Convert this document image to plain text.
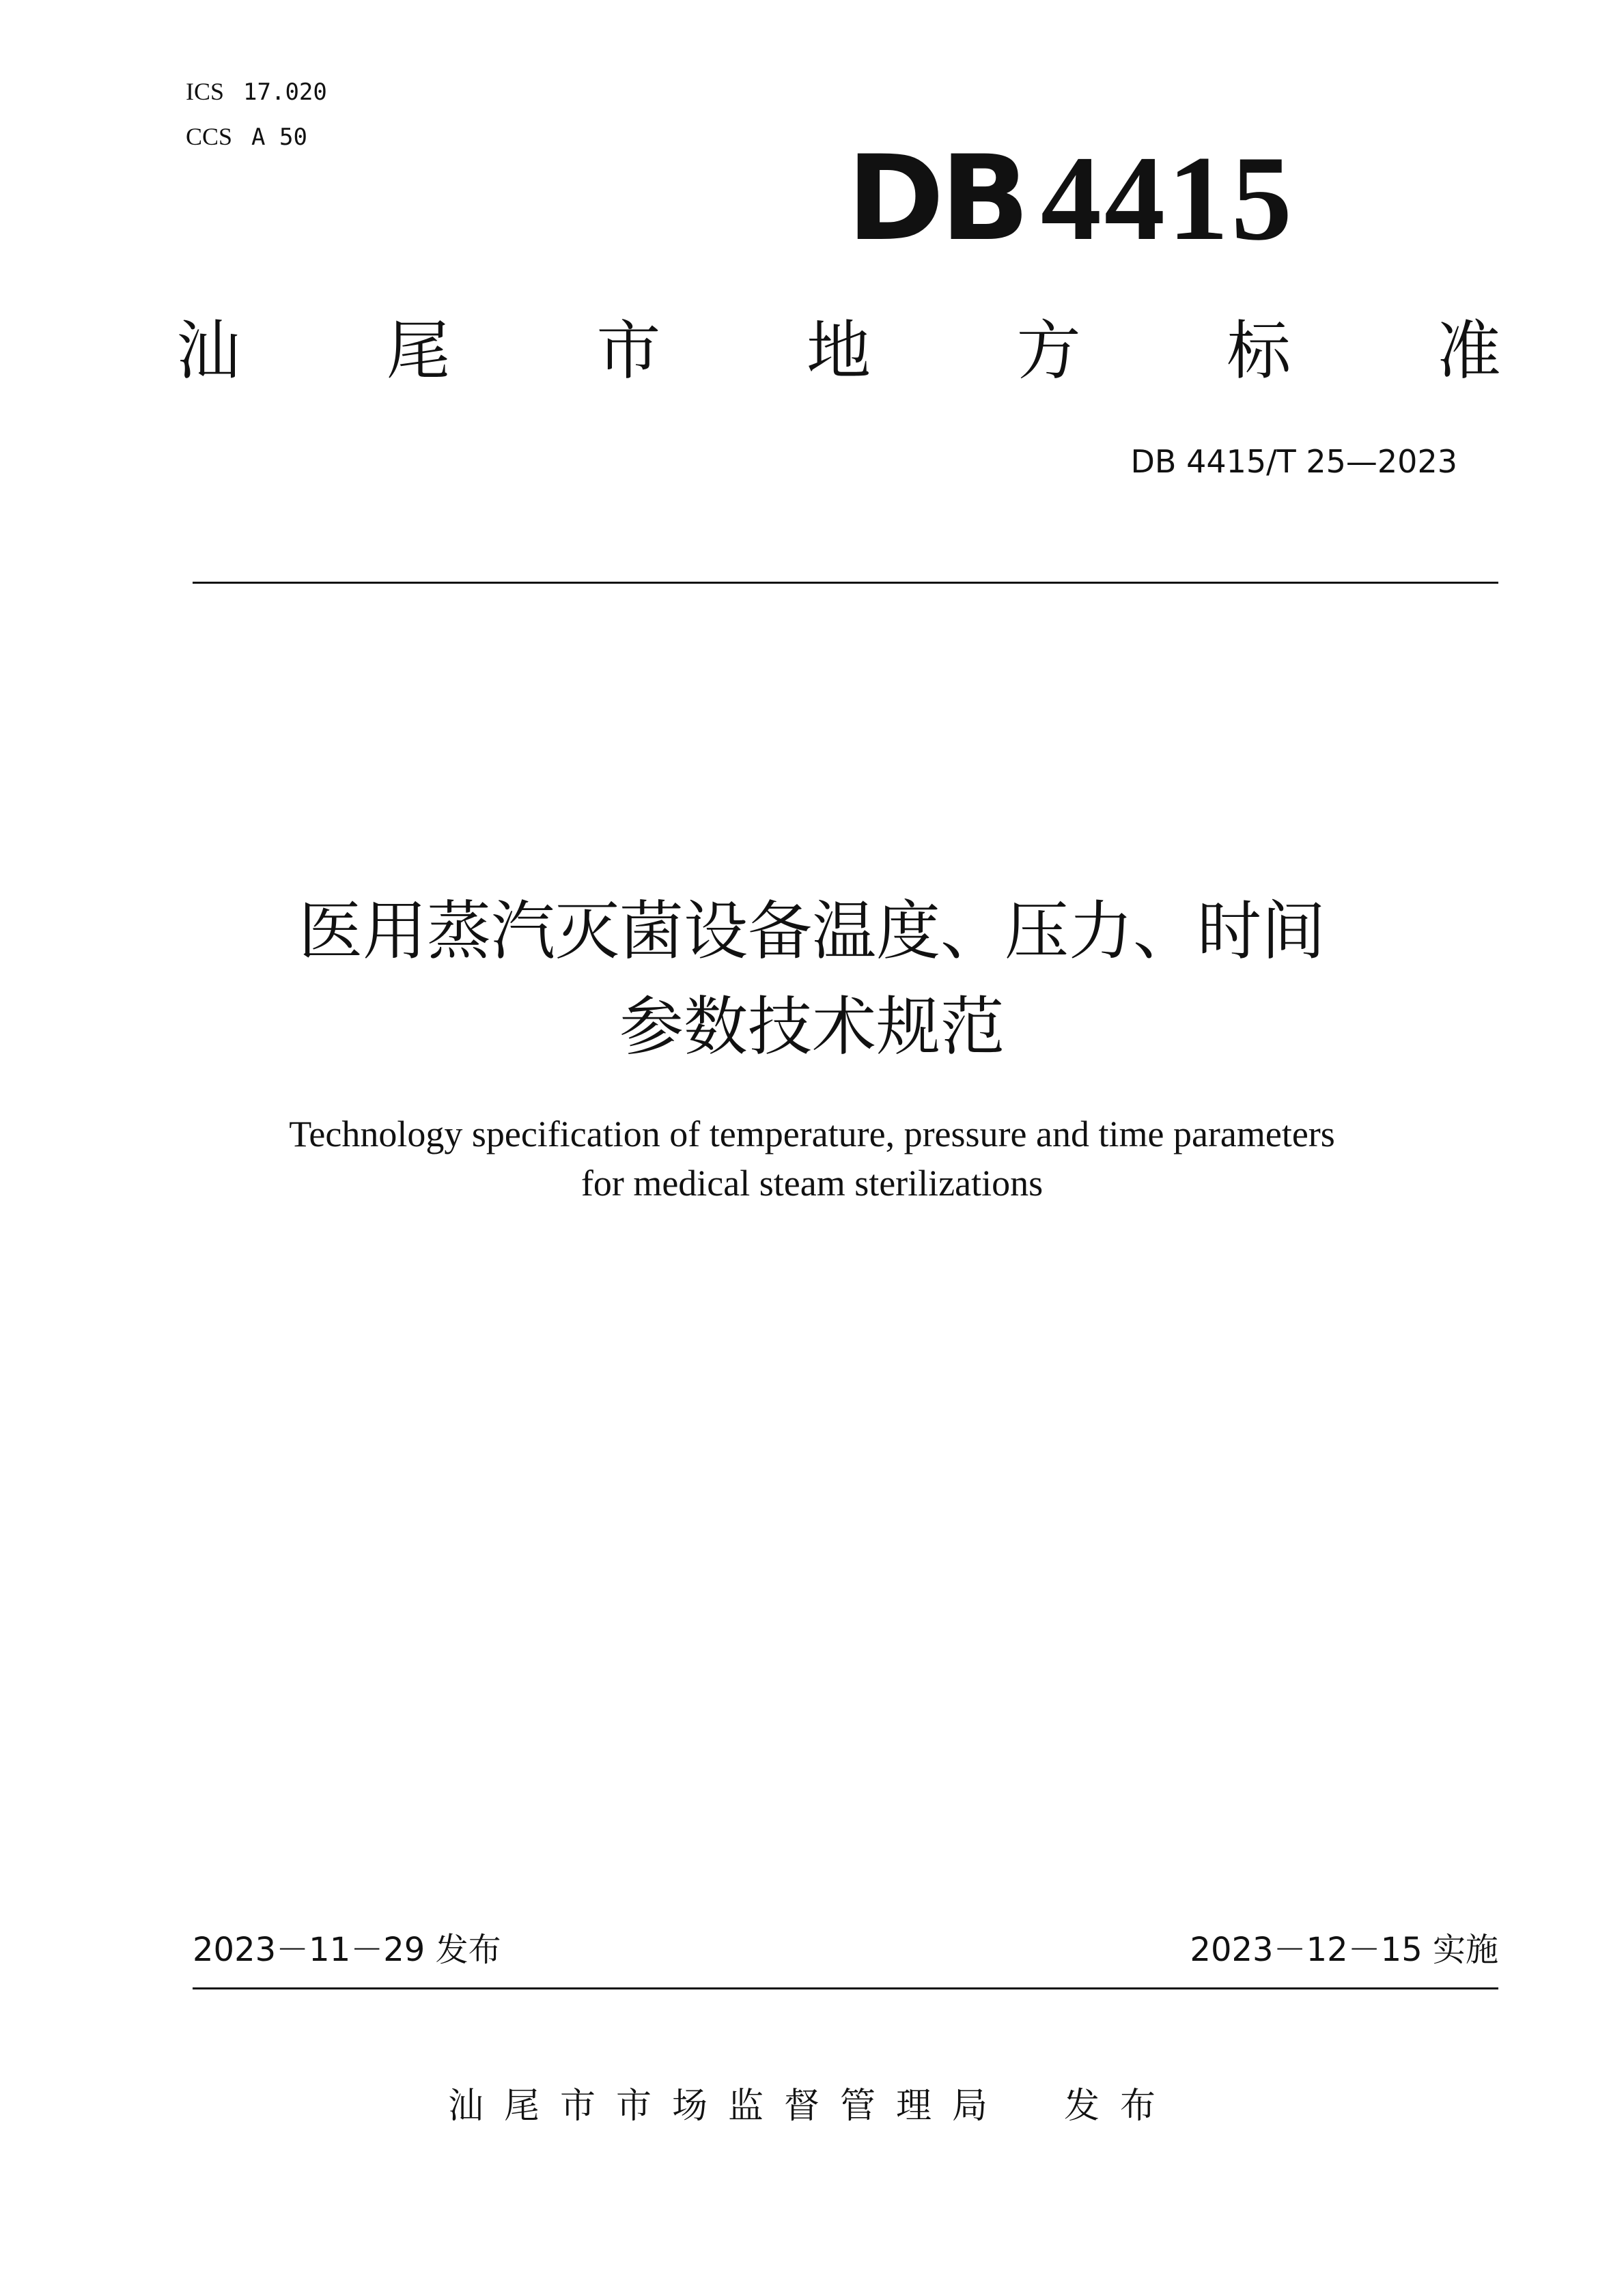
ICS 17.020
CCS A 50	DB 4415
汕 尾 市 地 方 标 准
DB 4415/T 25—2023
医用蒸汽灭菌设备温度、压力、时间
参数技术规范
Technology specification of temperature, pressure and time parameters
for medical steam sterilizations
2023－11－29 发布	2023－12－15 实施
汕尾市市场监督管理局　发布
